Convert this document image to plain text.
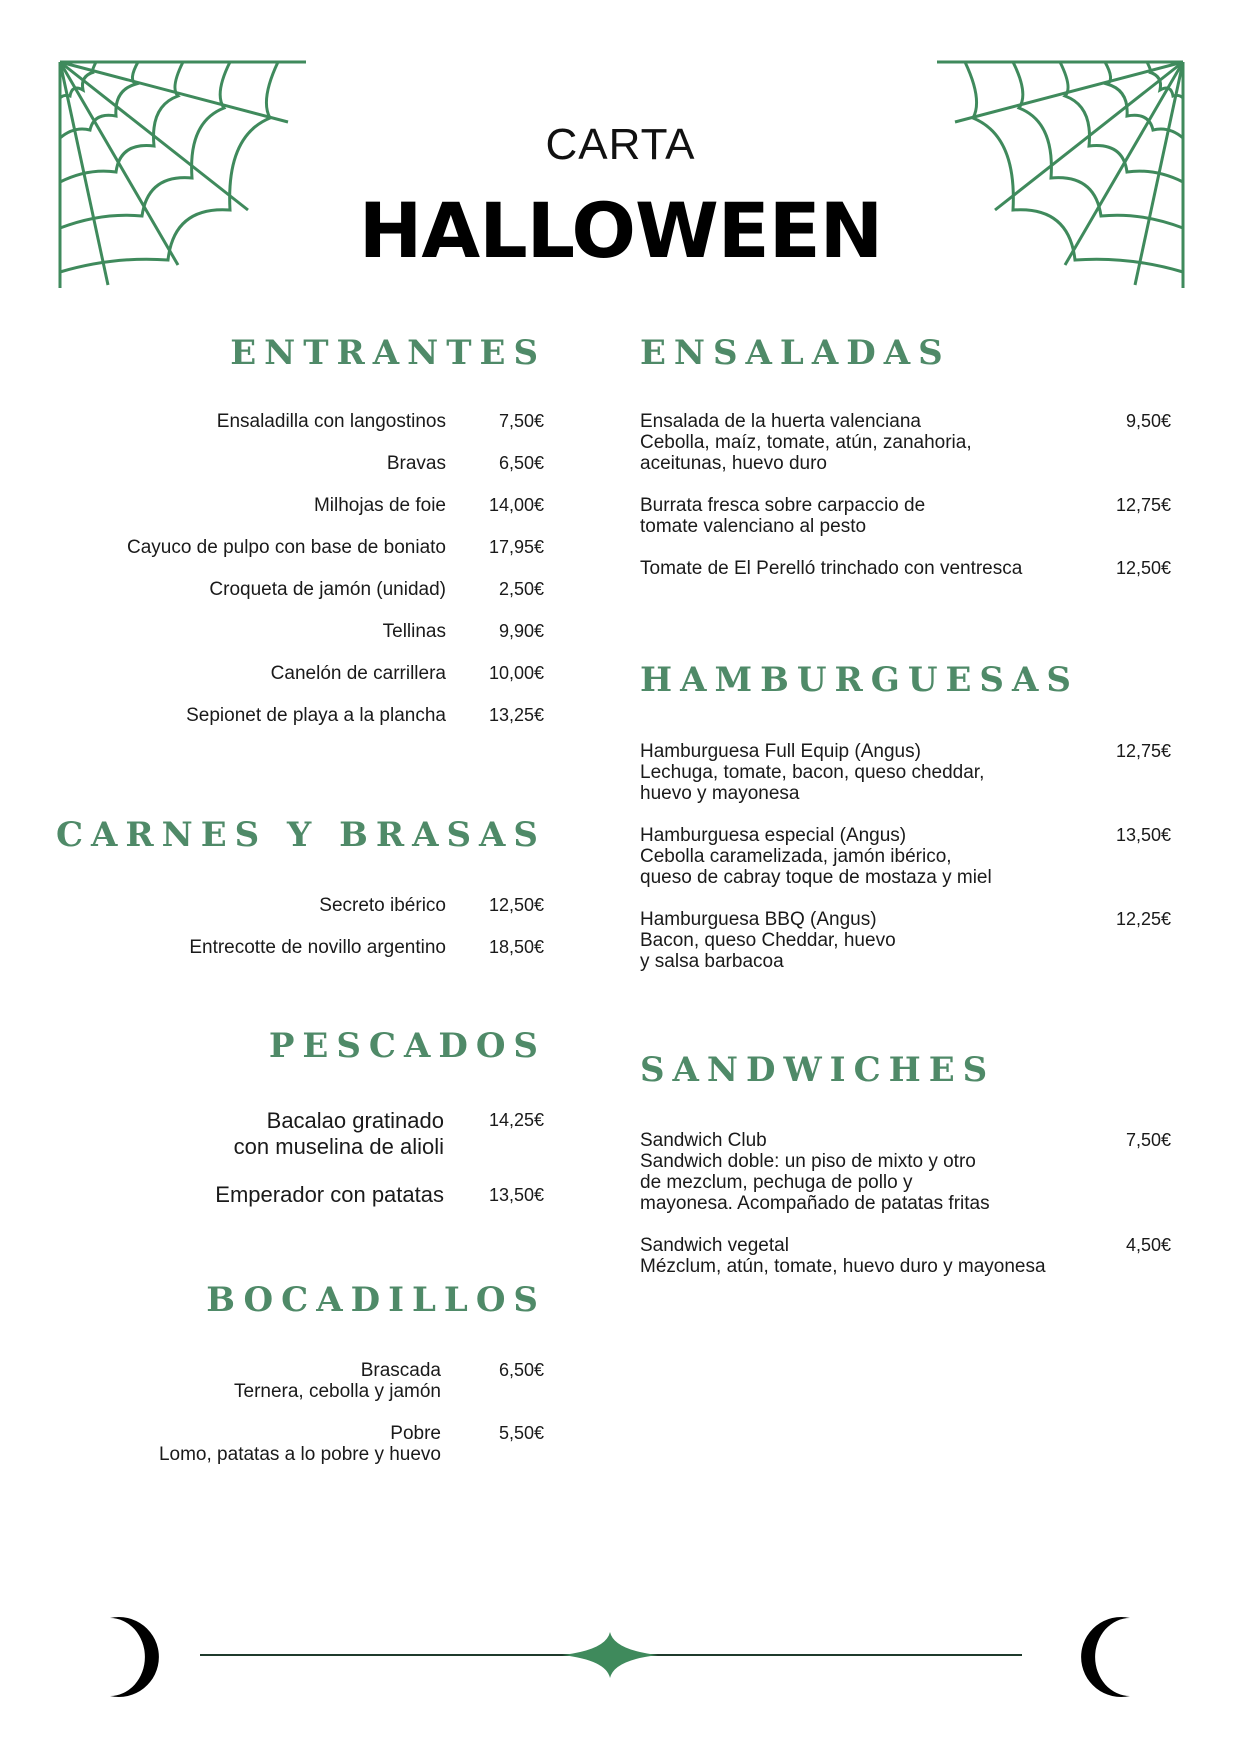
CARTA
HALLOWEEN
ENTRANTES
Ensaladilla con langostinos	7,50€
Bravas	6,50€
Milhojas de foie 14,00€
Cayuco de pulpo con base de boniato 17,95€
Croqueta de jamón (unidad)	2,50€
Tellinas	9,90€
Canelón de carrillera 10,00€
Sepionet de playa a la plancha 13,25€
CARNES Y BRASAS
Secreto ibérico 12,50€
Entrecotte de novillo argentino 18,50€
PESCADOS
Bacalao gratinado
con muselina de alioli
14,25€
Emperador con patatas 13,50€
BOCADILLOS
Brascada
Ternera, cebolla y jamón
6,50€
Pobre
Lomo, patatas a lo pobre y huevo
5,50€
ENSALADAS
Ensalada de la huerta valenciana
Cebolla, maíz, tomate, atún, zanahoria,
aceitunas, huevo duro
9,50€
Burrata fresca sobre carpaccio de
tomate valenciano al pesto
12,75€
Tomate de El Perelló trinchado con ventresca	12,50€
HAMBURGUESAS
Hamburguesa Full Equip (Angus)
Lechuga, tomate, bacon, queso cheddar,
huevo y mayonesa
12,75€
Hamburguesa especial (Angus)
Cebolla caramelizada, jamón ibérico,
queso de cabray toque de mostaza y miel
13,50€
Hamburguesa BBQ (Angus)
Bacon, queso Cheddar, huevo
y salsa barbacoa
12,25€
SANDWICHES
Sandwich Club
Sandwich doble: un piso de mixto y otro
de mezclum, pechuga de pollo y
mayonesa. Acompañado de patatas fritas
7,50€
Sandwich vegetal
Mézclum, atún, tomate, huevo duro y mayonesa
4,50€
